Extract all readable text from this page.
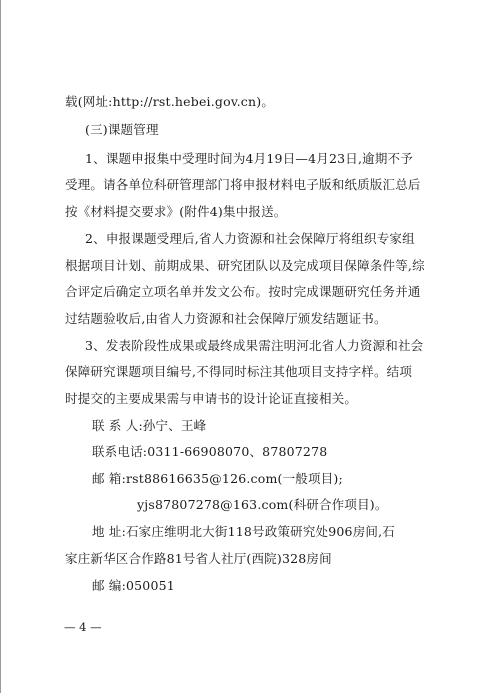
载(网址:http://rst.hebei.gov.cn)。
(三)课题管理
1、课题申报集中受理时间为4月19日—4月23日,逾期不予
受理。请各单位科研管理部门将申报材料电子版和纸质版汇总后
按《材料提交要求》(附件4)集中报送。
2、申报课题受理后,省人力资源和社会保障厅将组织专家组
根据项目计划、前期成果、研究团队以及完成项目保障条件等,综
合评定后确定立项名单并发文公布。按时完成课题研究任务并通
过结题验收后,由省人力资源和社会保障厅颁发结题证书。
3、发表阶段性成果或最终成果需注明河北省人力资源和社会
保障研究课题项目编号,不得同时标注其他项目支持字样。结项
时提交的主要成果需与申请书的设计论证直接相关。
联 系 人:孙宁、王峰
联系电话:0311-66908070、87807278
邮 箱:rst88616635@126.com(一般项目);
yjs87807278@163.com(科研合作项目)。
地 址:石家庄维明北大街118号政策研究处906房间,石
家庄新华区合作路81号省人社厅(西院)328房间
邮 编:050051
— 4 —
